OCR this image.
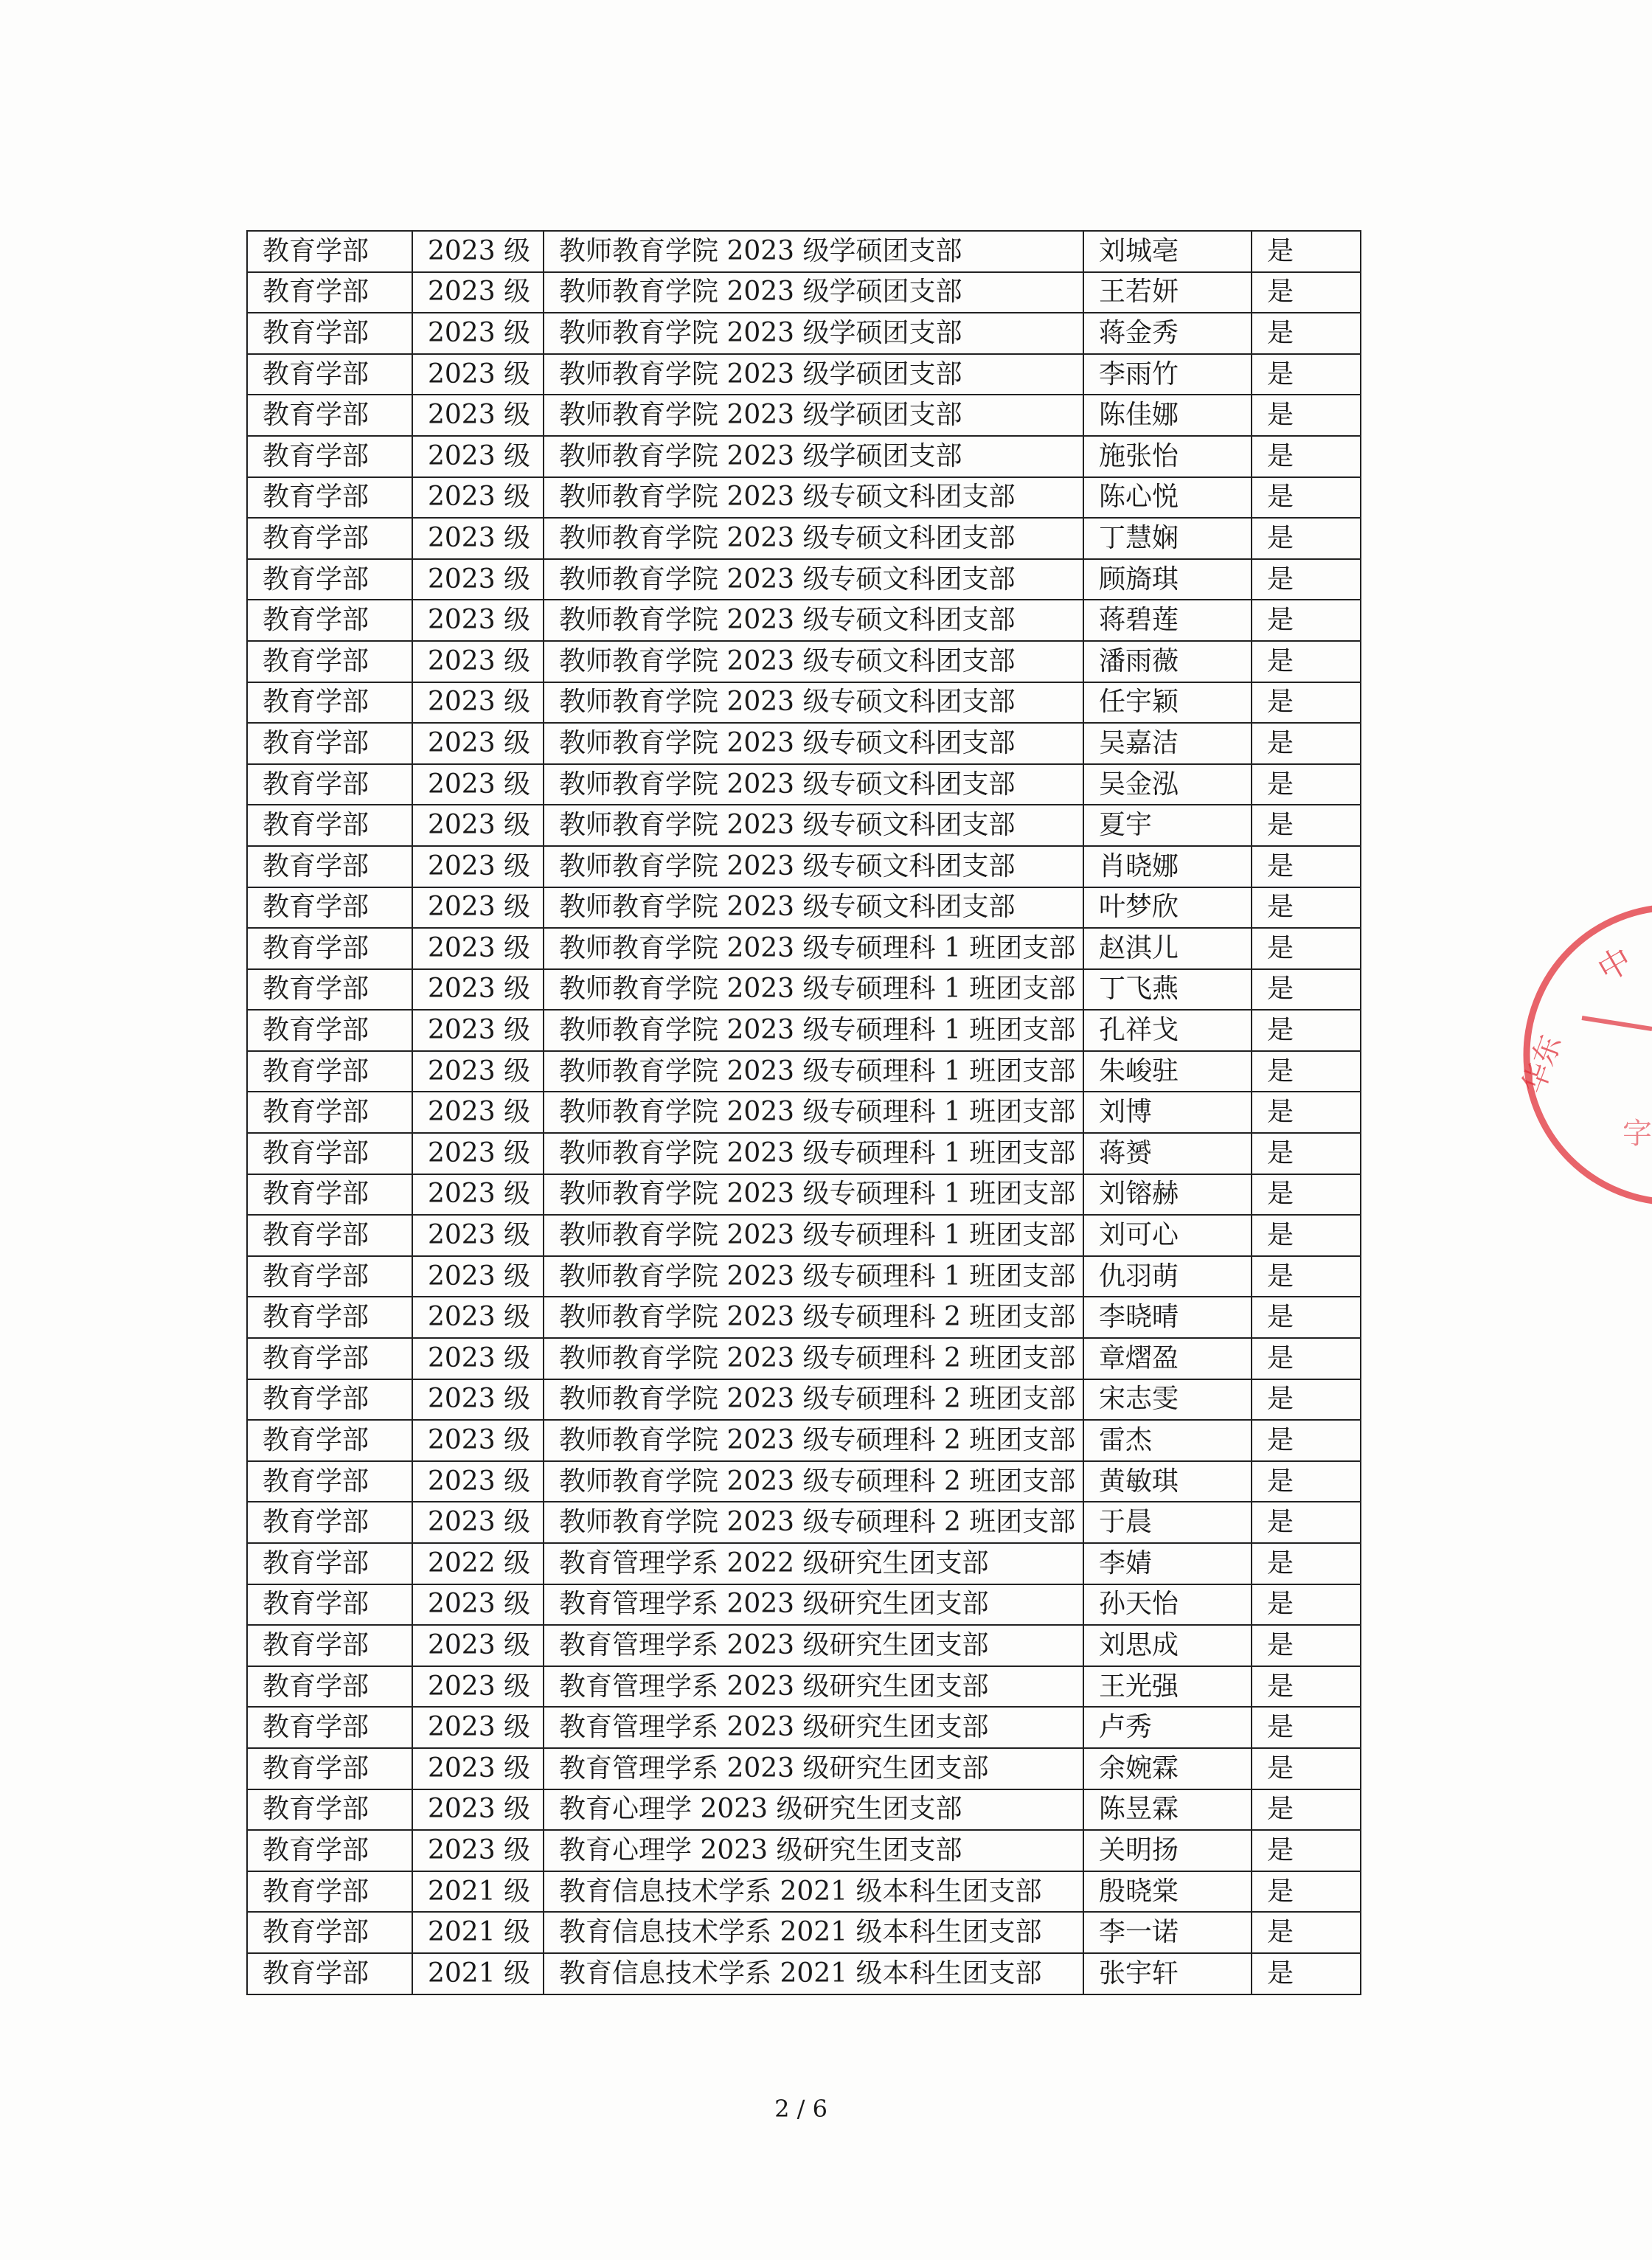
教育学部	2023 级	教师教育学院 2023 级学硕团支部	刘城亳	是
教育学部	2023 级	教师教育学院 2023 级学硕团支部	王若妍	是
教育学部	2023 级	教师教育学院 2023 级学硕团支部	蒋金秀	是
教育学部	2023 级	教师教育学院 2023 级学硕团支部	李雨竹	是
教育学部	2023 级	教师教育学院 2023 级学硕团支部	陈佳娜	是
教育学部	2023 级	教师教育学院 2023 级学硕团支部	施张怡	是
教育学部	2023 级	教师教育学院 2023 级专硕文科团支部	陈心悦	是
教育学部	2023 级	教师教育学院 2023 级专硕文科团支部	丁慧娴	是
教育学部	2023 级	教师教育学院 2023 级专硕文科团支部	顾旖琪	是
教育学部	2023 级	教师教育学院 2023 级专硕文科团支部	蒋碧莲	是
教育学部	2023 级	教师教育学院 2023 级专硕文科团支部	潘雨薇	是
教育学部	2023 级	教师教育学院 2023 级专硕文科团支部	任宇颖	是
教育学部	2023 级	教师教育学院 2023 级专硕文科团支部	吴嘉洁	是
教育学部	2023 级	教师教育学院 2023 级专硕文科团支部	吴金泓	是
教育学部	2023 级	教师教育学院 2023 级专硕文科团支部	夏宇	是
教育学部	2023 级	教师教育学院 2023 级专硕文科团支部	肖晓娜	是
教育学部	2023 级	教师教育学院 2023 级专硕文科团支部	叶梦欣	是
教育学部	2023 级	教师教育学院 2023 级专硕理科 1 班团支部	赵淇儿	是
教育学部	2023 级	教师教育学院 2023 级专硕理科 1 班团支部	丁飞燕	是
教育学部	2023 级	教师教育学院 2023 级专硕理科 1 班团支部	孔祥戈	是
教育学部	2023 级	教师教育学院 2023 级专硕理科 1 班团支部	朱峻驻	是
教育学部	2023 级	教师教育学院 2023 级专硕理科 1 班团支部	刘博	是
教育学部	2023 级	教师教育学院 2023 级专硕理科 1 班团支部	蒋赟	是
教育学部	2023 级	教师教育学院 2023 级专硕理科 1 班团支部	刘镕赫	是
教育学部	2023 级	教师教育学院 2023 级专硕理科 1 班团支部	刘可心	是
教育学部	2023 级	教师教育学院 2023 级专硕理科 1 班团支部	仇羽萌	是
教育学部	2023 级	教师教育学院 2023 级专硕理科 2 班团支部	李晓晴	是
教育学部	2023 级	教师教育学院 2023 级专硕理科 2 班团支部	章熠盈	是
教育学部	2023 级	教师教育学院 2023 级专硕理科 2 班团支部	宋志雯	是
教育学部	2023 级	教师教育学院 2023 级专硕理科 2 班团支部	雷杰	是
教育学部	2023 级	教师教育学院 2023 级专硕理科 2 班团支部	黄敏琪	是
教育学部	2023 级	教师教育学院 2023 级专硕理科 2 班团支部	于晨	是
教育学部	2022 级	教育管理学系 2022 级研究生团支部	李婧	是
教育学部	2023 级	教育管理学系 2023 级研究生团支部	孙天怡	是
教育学部	2023 级	教育管理学系 2023 级研究生团支部	刘思成	是
教育学部	2023 级	教育管理学系 2023 级研究生团支部	王光强	是
教育学部	2023 级	教育管理学系 2023 级研究生团支部	卢秀	是
教育学部	2023 级	教育管理学系 2023 级研究生团支部	余婉霖	是
教育学部	2023 级	教育心理学 2023 级研究生团支部	陈昱霖	是
教育学部	2023 级	教育心理学 2023 级研究生团支部	关明扬	是
教育学部	2021 级	教育信息技术学系 2021 级本科生团支部	殷晓棠	是
教育学部	2021 级	教育信息技术学系 2021 级本科生团支部	李一诺	是
教育学部	2021 级	教育信息技术学系 2021 级本科生团支部	张宇轩	是
2 / 6
中
华东
字
